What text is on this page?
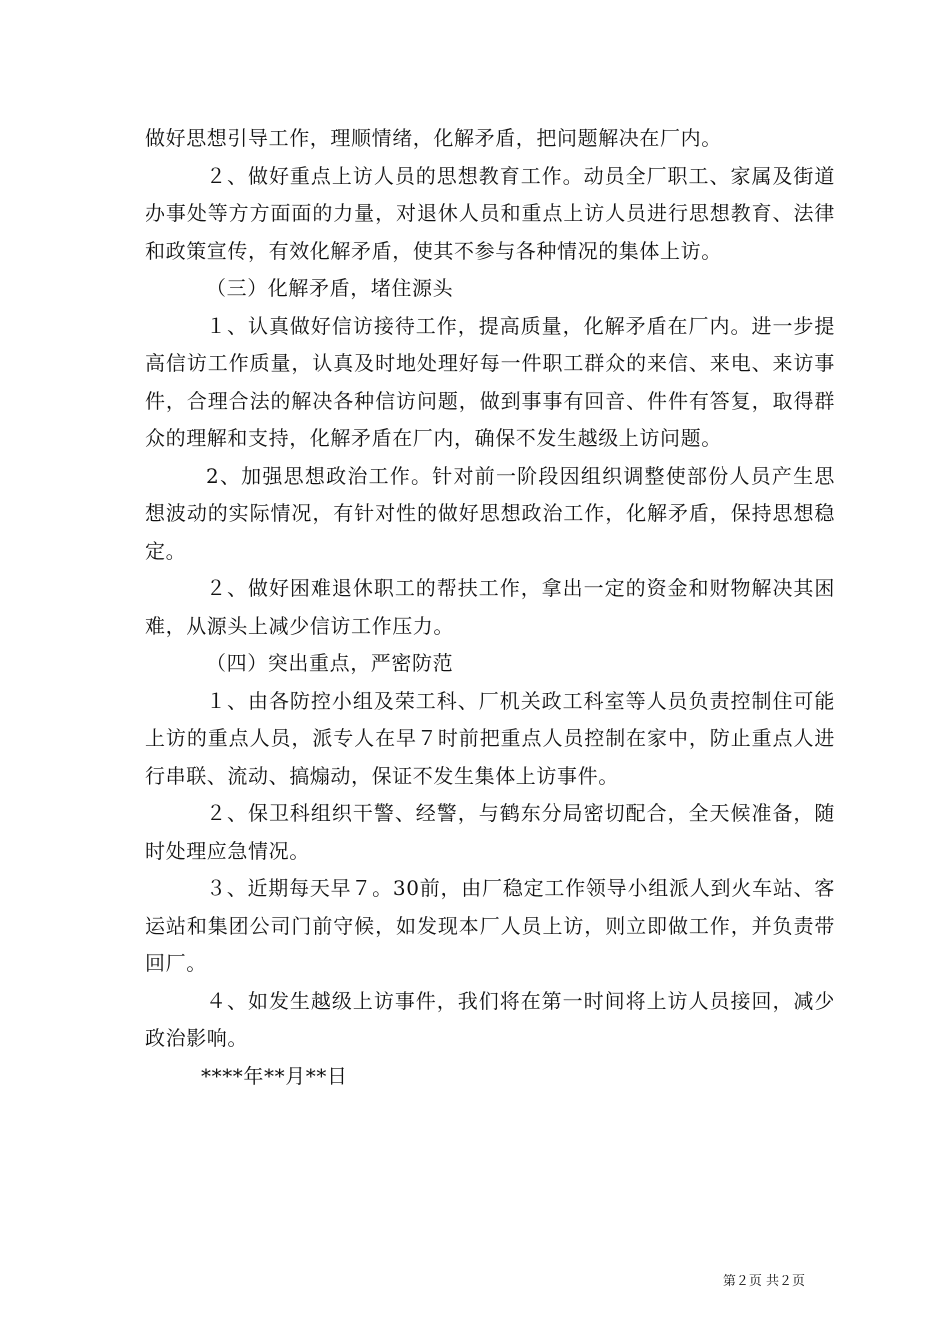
做好思想引导工作，理顺情绪，化解矛盾，把问题解决在厂内。

２、做好重点上访人员的思想教育工作。动员全厂职工、家属及街道办事处等方方面面的力量，对退休人员和重点上访人员进行思想教育、法律和政策宣传，有效化解矛盾，使其不参与各种情况的集体上访。

（三）化解矛盾，堵住源头

１、认真做好信访接待工作，提高质量，化解矛盾在厂内。进一步提高信访工作质量，认真及时地处理好每一件职工群众的来信、来电、来访事件，合理合法的解决各种信访问题，做到事事有回音、件件有答复，取得群众的理解和支持，化解矛盾在厂内，确保不发生越级上访问题。

2、加强思想政治工作。针对前一阶段因组织调整使部份人员产生思想波动的实际情况，有针对性的做好思想政治工作，化解矛盾，保持思想稳定。

２、做好困难退休职工的帮扶工作，拿出一定的资金和财物解决其困难，从源头上减少信访工作压力。

（四）突出重点，严密防范

１、由各防控小组及荣工科、厂机关政工科室等人员负责控制住可能上访的重点人员，派专人在早７时前把重点人员控制在家中，防止重点人进行串联、流动、搞煽动，保证不发生集体上访事件。

２、保卫科组织干警、经警，与鹤东分局密切配合，全天候准备，随时处理应急情况。

３、近期每天早７。30前，由厂稳定工作领导小组派人到火车站、客运站和集团公司门前守候，如发现本厂人员上访，则立即做工作，并负责带回厂。

４、如发生越级上访事件，我们将在第一时间将上访人员接回，减少政治影响。

****年**月**日

第２页 共２页
